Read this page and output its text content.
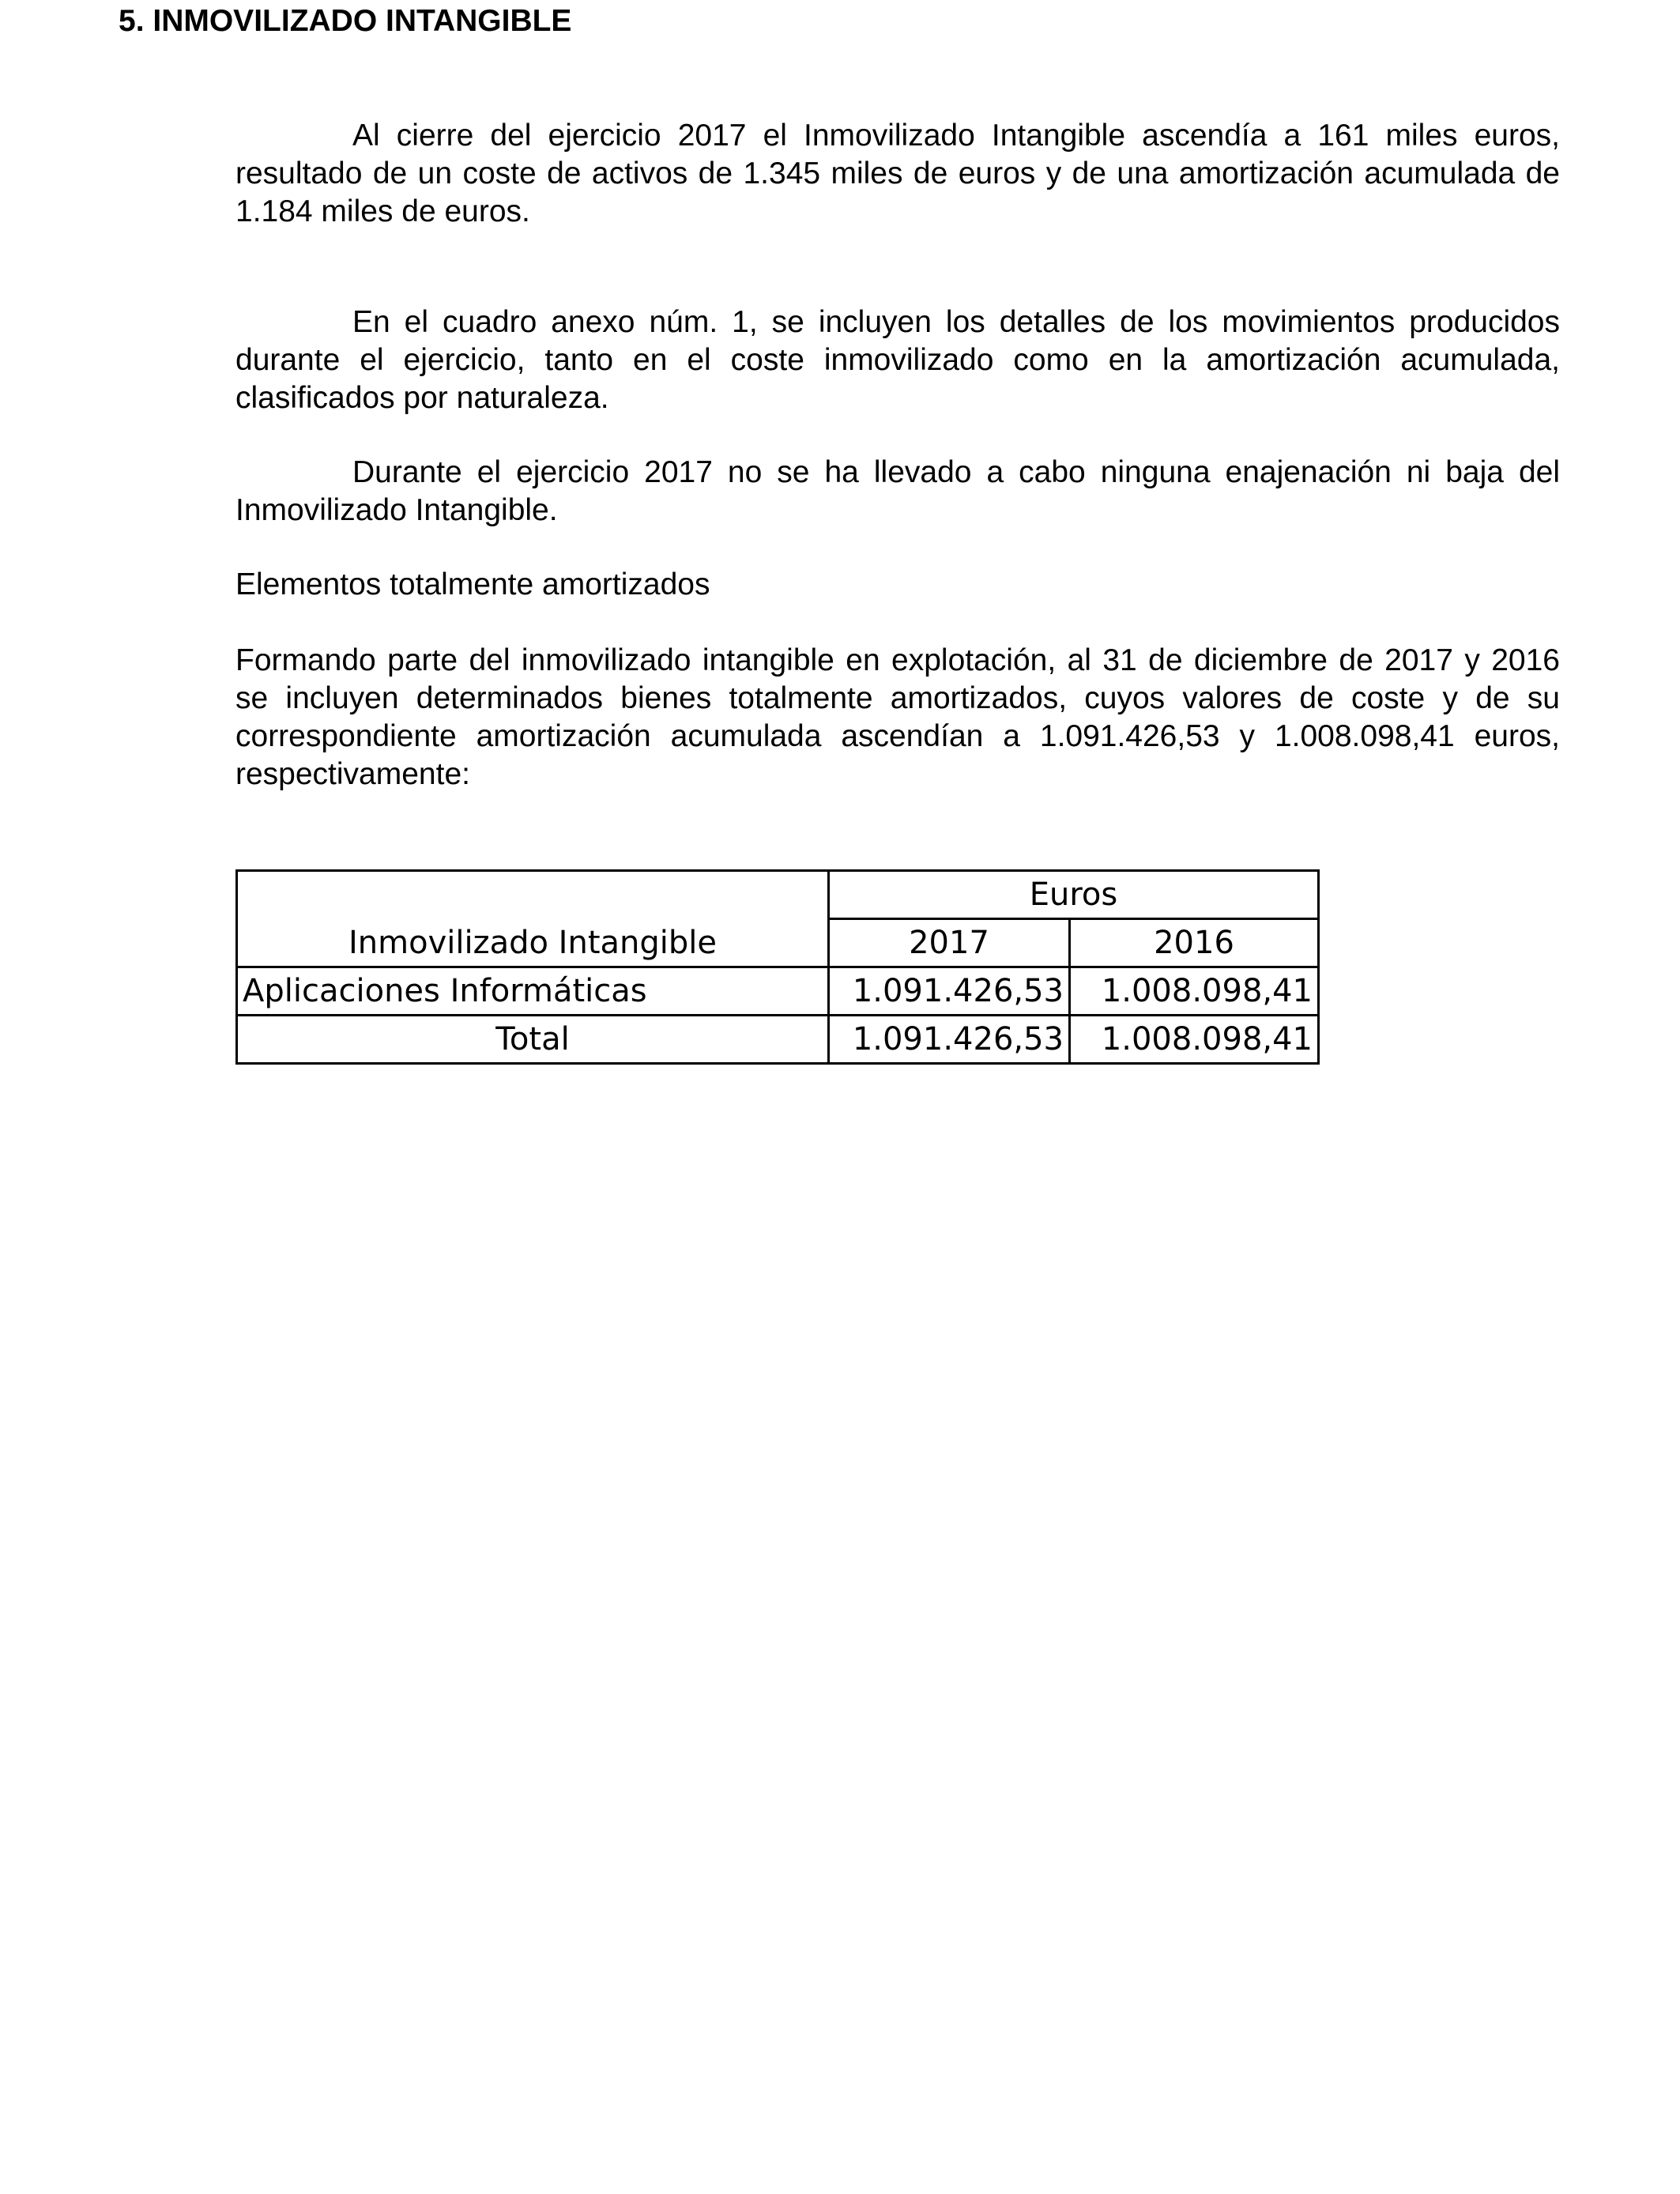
5. INMOVILIZADO INTANGIBLE

Al cierre del ejercicio 2017 el Inmovilizado Intangible ascendía a 161 miles euros, resultado de un coste de activos de 1.345 miles de euros y de una amortización acumulada de 1.184 miles de euros.

En el cuadro anexo núm. 1, se incluyen los detalles de los movimientos producidos durante el ejercicio, tanto en el coste inmovilizado como en la amortización acumulada, clasificados por naturaleza.

Durante el ejercicio 2017 no se ha llevado a cabo ninguna enajenación ni baja del Inmovilizado Intangible.

Elementos totalmente amortizados

Formando parte del inmovilizado intangible en explotación, al 31 de diciembre de 2017 y 2016 se incluyen determinados bienes totalmente amortizados, cuyos valores de coste y de su correspondiente amortización acumulada ascendían a 1.091.426,53 y 1.008.098,41 euros, respectivamente:

	Euros	
Inmovilizado Intangible	2017	2016
Aplicaciones Informáticas	1.091.426,53	1.008.098,41
Total	1.091.426,53	1.008.098,41
